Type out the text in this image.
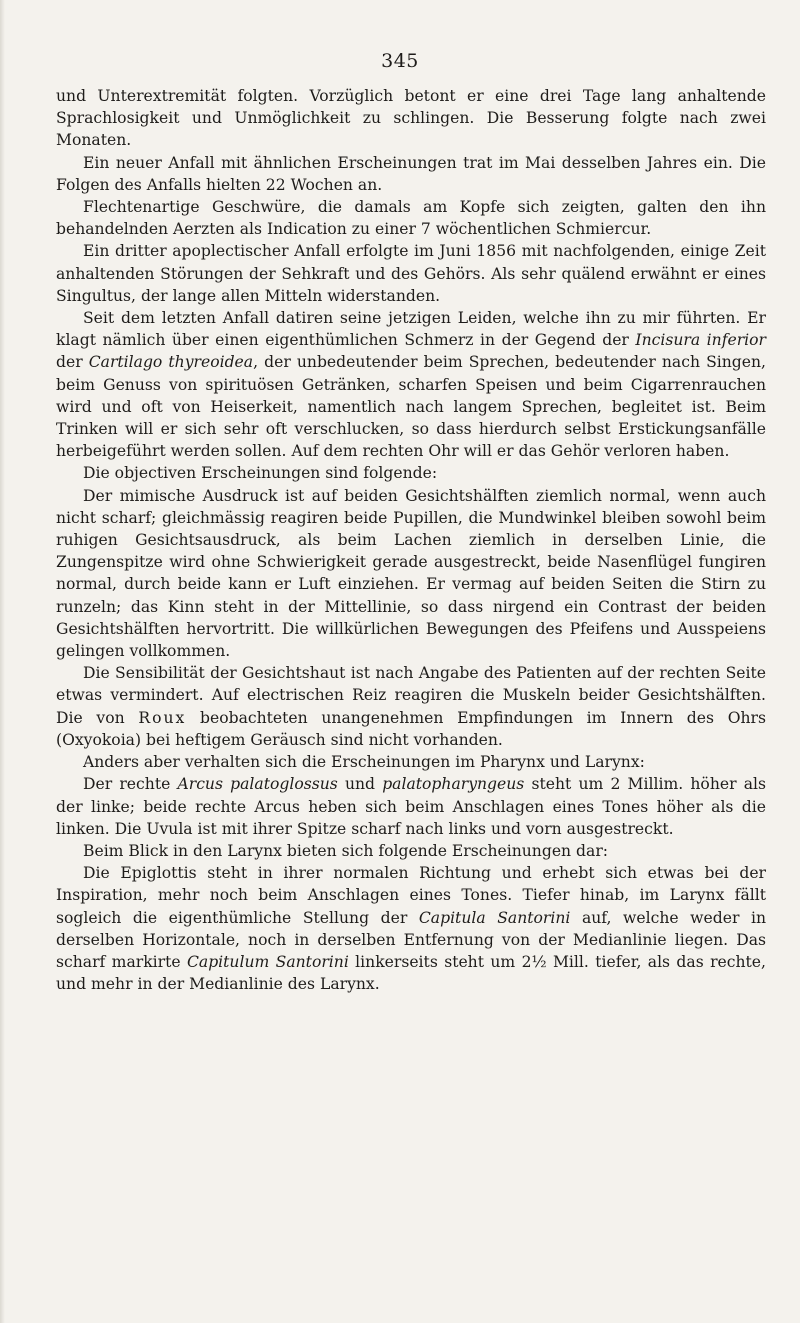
345

und Unterextremität folgten. Vorzüglich betont er eine drei Tage lang anhaltende Sprachlosigkeit und Unmöglichkeit zu schlingen. Die Besserung folgte nach zwei Monaten.

Ein neuer Anfall mit ähnlichen Erscheinungen trat im Mai desselben Jahres ein. Die Folgen des Anfalls hielten 22 Wochen an.

Flechtenartige Geschwüre, die damals am Kopfe sich zeigten, galten den ihn behandelnden Aerzten als Indication zu einer 7 wöchentlichen Schmiercur.

Ein dritter apoplectischer Anfall erfolgte im Juni 1856 mit nachfolgenden, einige Zeit anhaltenden Störungen der Sehkraft und des Gehörs. Als sehr quälend erwähnt er eines Singultus, der lange allen Mitteln widerstanden.

Seit dem letzten Anfall datiren seine jetzigen Leiden, welche ihn zu mir führten. Er klagt nämlich über einen eigenthümlichen Schmerz in der Gegend der Incisura inferior der Cartilago thyreoidea, der unbedeutender beim Sprechen, bedeutender nach Singen, beim Genuss von spirituösen Getränken, scharfen Speisen und beim Cigarrenrauchen wird und oft von Heiserkeit, namentlich nach langem Sprechen, begleitet ist. Beim Trinken will er sich sehr oft verschlucken, so dass hierdurch selbst Erstickungsanfälle herbeigeführt werden sollen. Auf dem rechten Ohr will er das Gehör verloren haben.

Die objectiven Erscheinungen sind folgende:

Der mimische Ausdruck ist auf beiden Gesichtshälften ziemlich normal, wenn auch nicht scharf; gleichmässig reagiren beide Pupillen, die Mundwinkel bleiben sowohl beim ruhigen Gesichtsausdruck, als beim Lachen ziemlich in derselben Linie, die Zungenspitze wird ohne Schwierigkeit gerade ausgestreckt, beide Nasenflügel fungiren normal, durch beide kann er Luft einziehen. Er vermag auf beiden Seiten die Stirn zu runzeln; das Kinn steht in der Mittellinie, so dass nirgend ein Contrast der beiden Gesichtshälften hervortritt. Die willkürlichen Bewegungen des Pfeifens und Ausspeiens gelingen vollkommen.

Die Sensibilität der Gesichtshaut ist nach Angabe des Patienten auf der rechten Seite etwas vermindert. Auf electrischen Reiz reagiren die Muskeln beider Gesichtshälften. Die von Roux beobachteten unangenehmen Empfindungen im Innern des Ohrs (Oxyokoia) bei heftigem Geräusch sind nicht vorhanden.

Anders aber verhalten sich die Erscheinungen im Pharynx und Larynx:

Der rechte Arcus palatoglossus und palatopharyngeus steht um 2 Millim. höher als der linke; beide rechte Arcus heben sich beim Anschlagen eines Tones höher als die linken. Die Uvula ist mit ihrer Spitze scharf nach links und vorn ausgestreckt.

Beim Blick in den Larynx bieten sich folgende Erscheinungen dar:

Die Epiglottis steht in ihrer normalen Richtung und erhebt sich etwas bei der Inspiration, mehr noch beim Anschlagen eines Tones. Tiefer hinab, im Larynx fällt sogleich die eigenthümliche Stellung der Capitula Santorini auf, welche weder in derselben Horizontale, noch in derselben Entfernung von der Medianlinie liegen. Das scharf markirte Capitulum Santorini linkerseits steht um 2½ Mill. tiefer, als das rechte, und mehr in der Medianlinie des Larynx.
